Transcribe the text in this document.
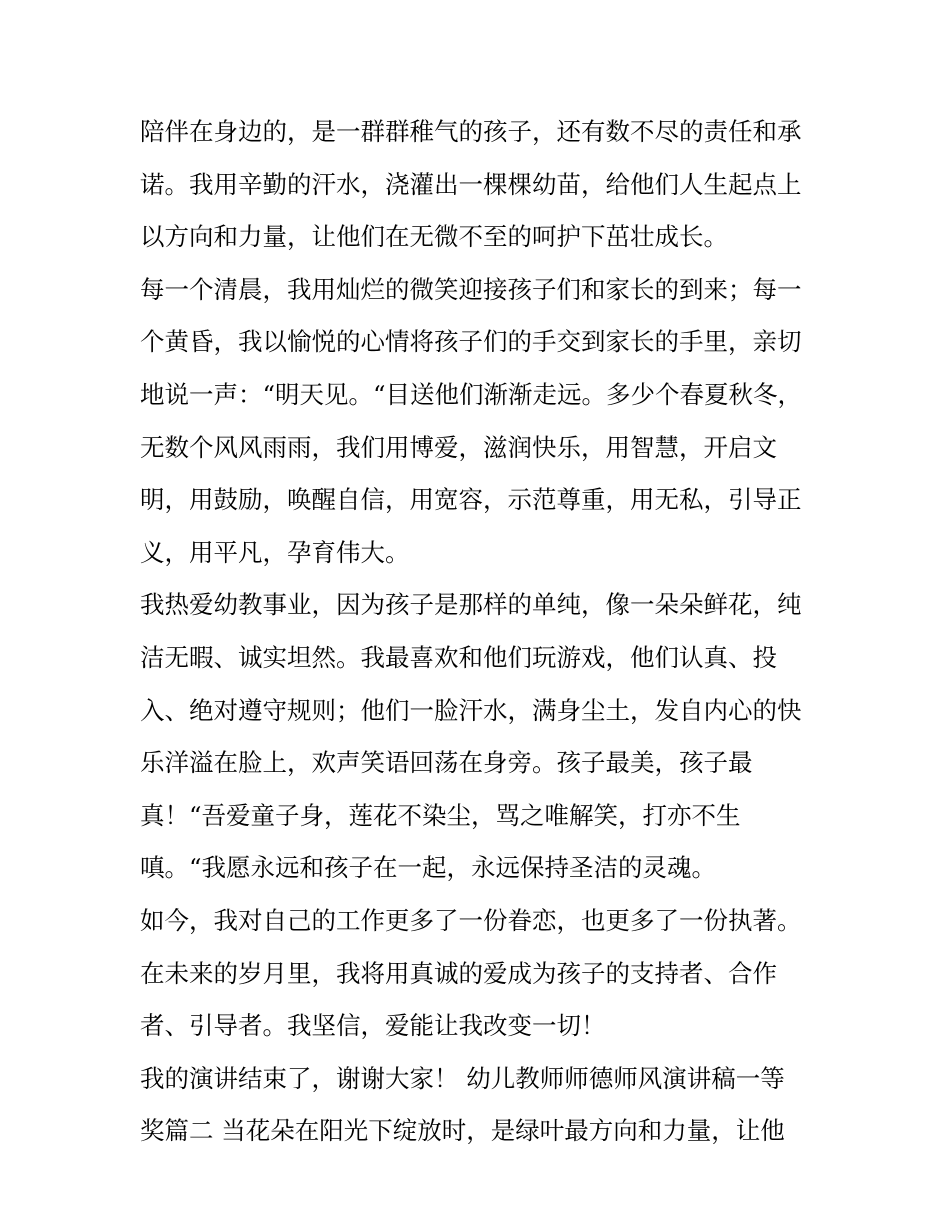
陪伴在身边的，是一群群稚气的孩子，还有数不尽的责任和承
诺。我用辛勤的汗水，浇灌出一棵棵幼苗，给他们人生起点上
以方向和力量，让他们在无微不至的呵护下茁壮成长。
每一个清晨，我用灿烂的微笑迎接孩子们和家长的到来；每一
个黄昏，我以愉悦的心情将孩子们的手交到家长的手里，亲切
地说一声：“明天见。“目送他们渐渐走远。多少个春夏秋冬，
无数个风风雨雨，我们用博爱，滋润快乐，用智慧，开启文
明，用鼓励，唤醒自信，用宽容，示范尊重，用无私，引导正
义，用平凡，孕育伟大。
我热爱幼教事业，因为孩子是那样的单纯，像一朵朵鲜花，纯
洁无暇、诚实坦然。我最喜欢和他们玩游戏，他们认真、投
入、绝对遵守规则；他们一脸汗水，满身尘土，发自内心的快
乐洋溢在脸上，欢声笑语回荡在身旁。孩子最美，孩子最
真！“吾爱童子身，莲花不染尘，骂之唯解笑，打亦不生
嗔。“我愿永远和孩子在一起，永远保持圣洁的灵魂。
如今，我对自己的工作更多了一份眷恋，也更多了一份执著。
在未来的岁月里，我将用真诚的爱成为孩子的支持者、合作
者、引导者。我坚信，爱能让我改变一切！
我的演讲结束了，谢谢大家！ 幼儿教师师德师风演讲稿一等
奖篇二 当花朵在阳光下绽放时，是绿叶最方向和力量，让他
